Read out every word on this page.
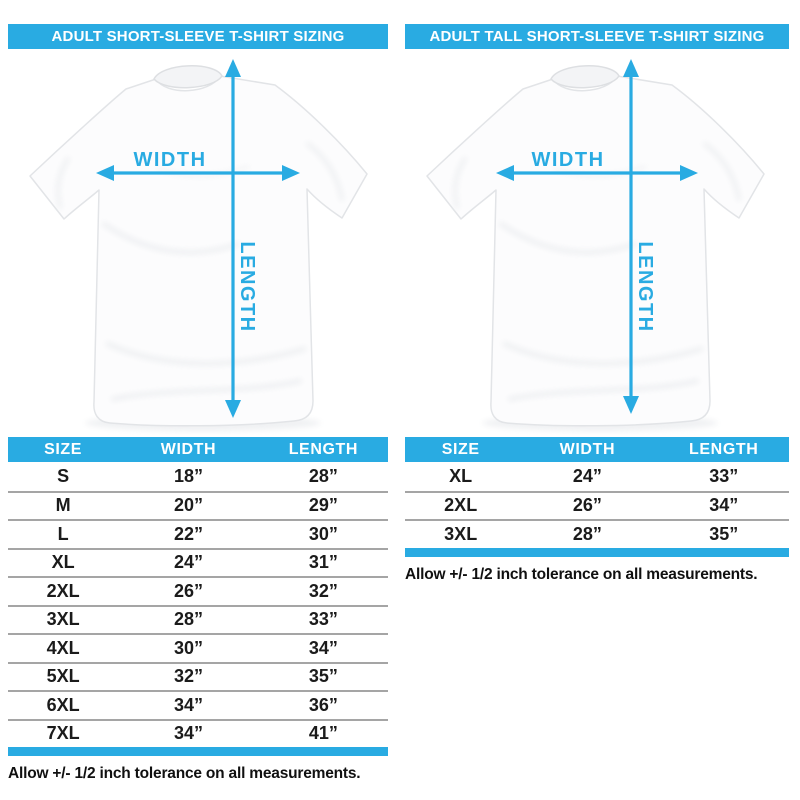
ADULT SHORT-SLEEVE T-SHIRT SIZING
WIDTH
LENGTH
SIZE	WIDTH	LENGTH
S	18”	28”
M	20”	29”
L	22”	30”
XL	24”	31”
2XL	26”	32”
3XL	28”	33”
4XL	30”	34”
5XL	32”	35”
6XL	34”	36”
7XL	34”	41”
Allow +/- 1/2 inch tolerance on all measurements.
ADULT TALL SHORT-SLEEVE T-SHIRT SIZING
WIDTH
LENGTH
SIZE	WIDTH	LENGTH
XL	24”	33”
2XL	26”	34”
3XL	28”	35”
Allow +/- 1/2 inch tolerance on all measurements.
